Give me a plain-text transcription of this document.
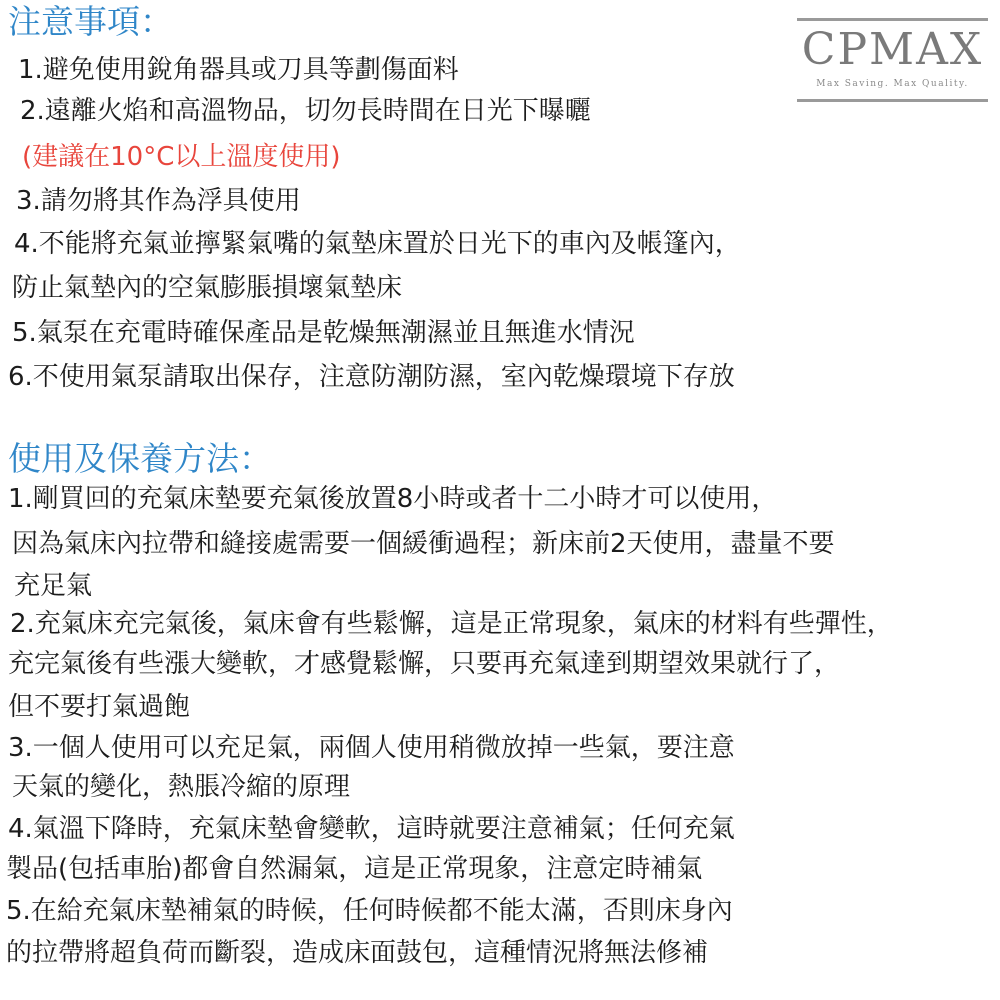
CPMAX
Max Saving. Max Quality.
注意事項：

1.避免使用銳角器具或刀具等劃傷面料

2.遠離火焰和高溫物品，切勿長時間在日光下曝曬

(建議在10°C以上溫度使用)

3.請勿將其作為浮具使用

4.不能將充氣並擰緊氣嘴的氣墊床置於日光下的車內及帳篷內，

防止氣墊內的空氣膨脹損壞氣墊床

5.氣泵在充電時確保產品是乾燥無潮濕並且無進水情況

6.不使用氣泵請取出保存，注意防潮防濕，室內乾燥環境下存放

使用及保養方法：

1.剛買回的充氣床墊要充氣後放置8小時或者十二小時才可以使用，

因為氣床內拉帶和縫接處需要一個緩衝過程；新床前2天使用，盡量不要

充足氣

2.充氣床充完氣後，氣床會有些鬆懈，這是正常現象，氣床的材料有些彈性，

充完氣後有些漲大變軟，才感覺鬆懈，只要再充氣達到期望效果就行了，

但不要打氣過飽

3.一個人使用可以充足氣，兩個人使用稍微放掉一些氣，要注意

天氣的變化，熱脹冷縮的原理

4.氣溫下降時，充氣床墊會變軟，這時就要注意補氣；任何充氣

製品(包括車胎)都會自然漏氣，這是正常現象，注意定時補氣

5.在給充氣床墊補氣的時候，任何時候都不能太滿，否則床身內

的拉帶將超負荷而斷裂，造成床面鼓包，這種情況將無法修補
